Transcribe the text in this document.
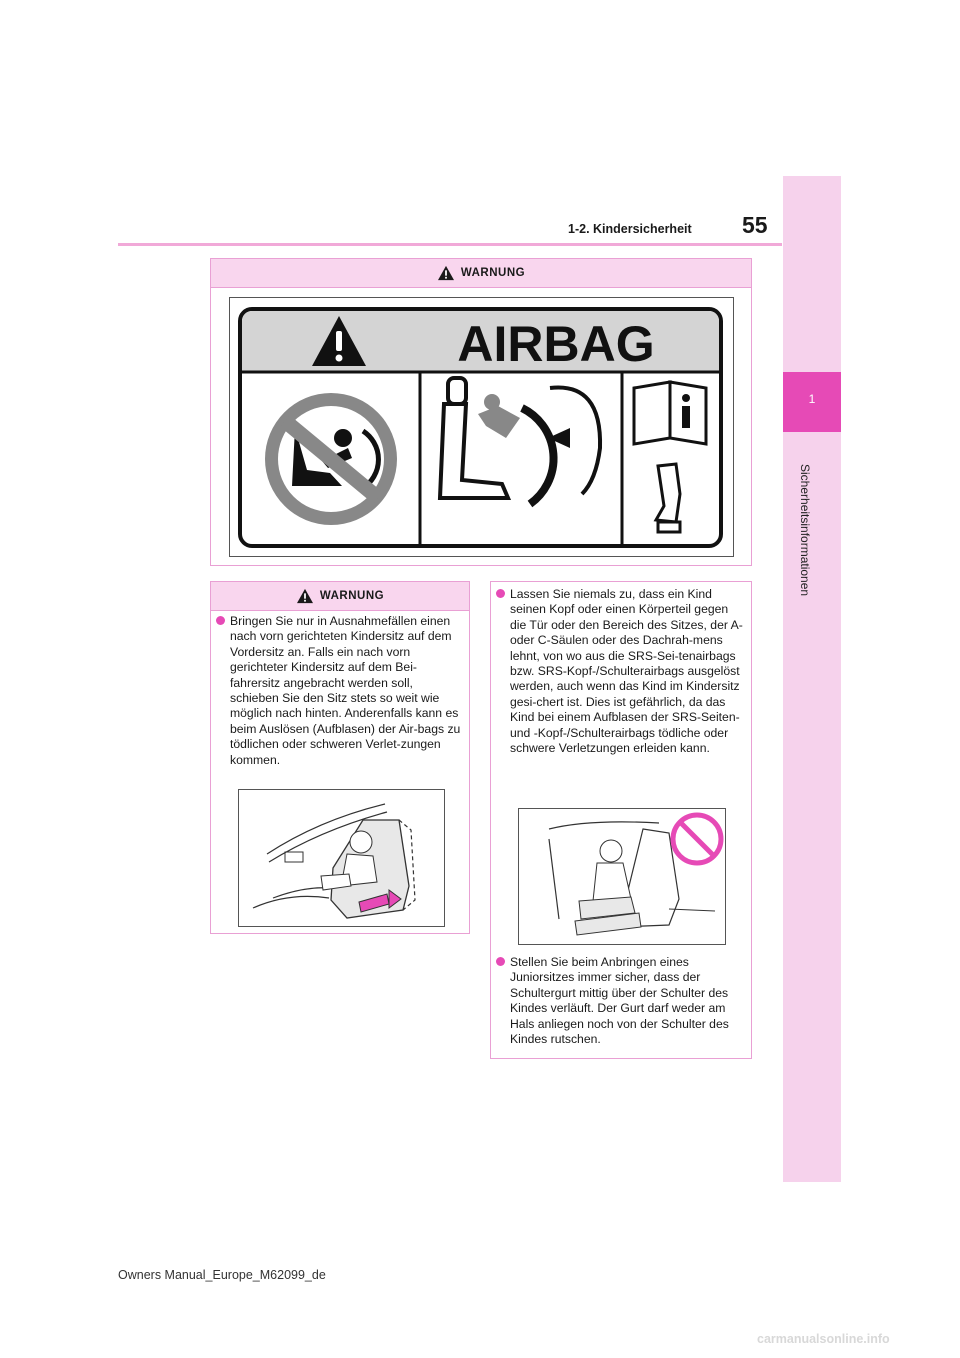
1-2. Kindersicherheit 55
1
Sicherheitsinformationen
WARNUNG
AIRBAG
WARNUNG
Bringen Sie nur in Ausnahmefällen einen nach vorn gerichteten Kindersitz auf dem Vordersitz an. Falls ein nach vorn gerichteter Kindersitz auf dem Bei-fahrersitz angebracht werden soll, schieben Sie den Sitz stets so weit wie möglich nach hinten. Anderenfalls kann es beim Auslösen (Aufblasen) der Air-bags zu tödlichen oder schweren Verlet-zungen kommen.
Lassen Sie niemals zu, dass ein Kind seinen Kopf oder einen Körperteil gegen die Tür oder den Bereich des Sitzes, der A- oder C-Säulen oder des Dachrah-mens lehnt, von wo aus die SRS-Sei-tenairbags bzw. SRS-Kopf-/Schulterairbags ausgelöst werden, auch wenn das Kind im Kindersitz gesi-chert ist. Dies ist gefährlich, da das Kind bei einem Aufblasen der SRS-Seiten- und -Kopf-/Schulterairbags tödliche oder schwere Verletzungen erleiden kann.
Stellen Sie beim Anbringen eines Juniorsitzes immer sicher, dass der Schultergurt mittig über der Schulter des Kindes verläuft. Der Gurt darf weder am Hals anliegen noch von der Schulter des Kindes rutschen.
Owners Manual_Europe_M62099_de
carmanualsonline.info
